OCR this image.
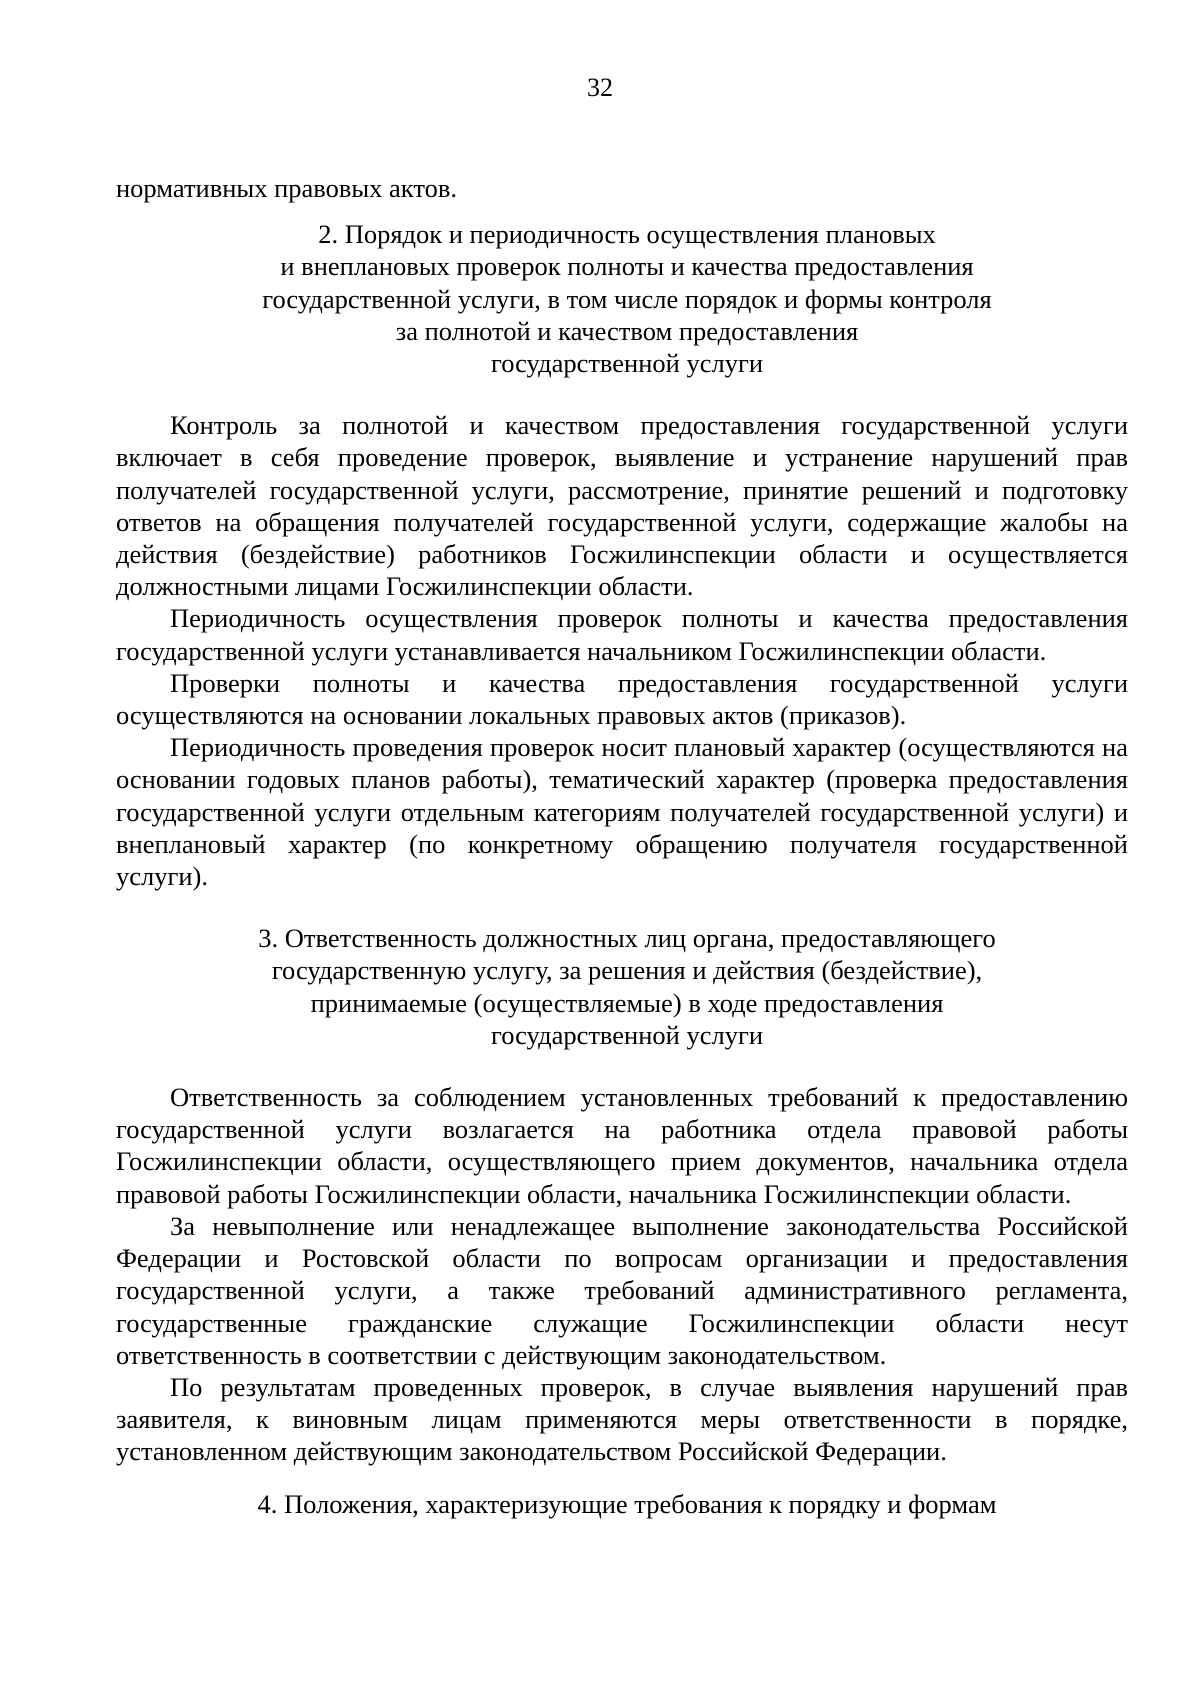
32

нормативных правовых актов.

2. Порядок и периодичность осуществления плановых
и внеплановых проверок полноты и качества предоставления
государственной услуги, в том числе порядок и формы контроля
за полнотой и качеством предоставления
государственной услуги

Контроль за полнотой и качеством предоставления государственной услуги включает в себя проведение проверок, выявление и устранение нарушений прав получателей государственной услуги, рассмотрение, принятие решений и подготовку ответов на обращения получателей государственной услуги, содержащие жалобы на действия (бездействие) работников Госжилинспекции области и осуществляется должностными лицами Госжилинспекции области.

Периодичность осуществления проверок полноты и качества предоставления государственной услуги устанавливается начальником Госжилинспекции области.

Проверки полноты и качества предоставления государственной услуги осуществляются на основании локальных правовых актов (приказов).

Периодичность проведения проверок носит плановый характер (осуществляются на основании годовых планов работы), тематический характер (проверка предоставления государственной услуги отдельным категориям получателей государственной услуги) и внеплановый характер (по конкретному обращению получателя государственной услуги).

3. Ответственность должностных лиц органа, предоставляющего
государственную услугу, за решения и действия (бездействие),
принимаемые (осуществляемые) в ходе предоставления
государственной услуги

Ответственность за соблюдением установленных требований к предоставлению государственной услуги возлагается на работника отдела правовой работы Госжилинспекции области, осуществляющего прием документов, начальника отдела правовой работы Госжилинспекции области, начальника Госжилинспекции области.

За невыполнение или ненадлежащее выполнение законодательства Российской Федерации и Ростовской области по вопросам организации и предоставления государственной услуги, а также требований административного регламента, государственные гражданские служащие Госжилинспекции области несут ответственность в соответствии с действующим законодательством.

По результатам проведенных проверок, в случае выявления нарушений прав заявителя, к виновным лицам применяются меры ответственности в порядке, установленном действующим законодательством Российской Федерации.

4. Положения, характеризующие требования к порядку и формам
